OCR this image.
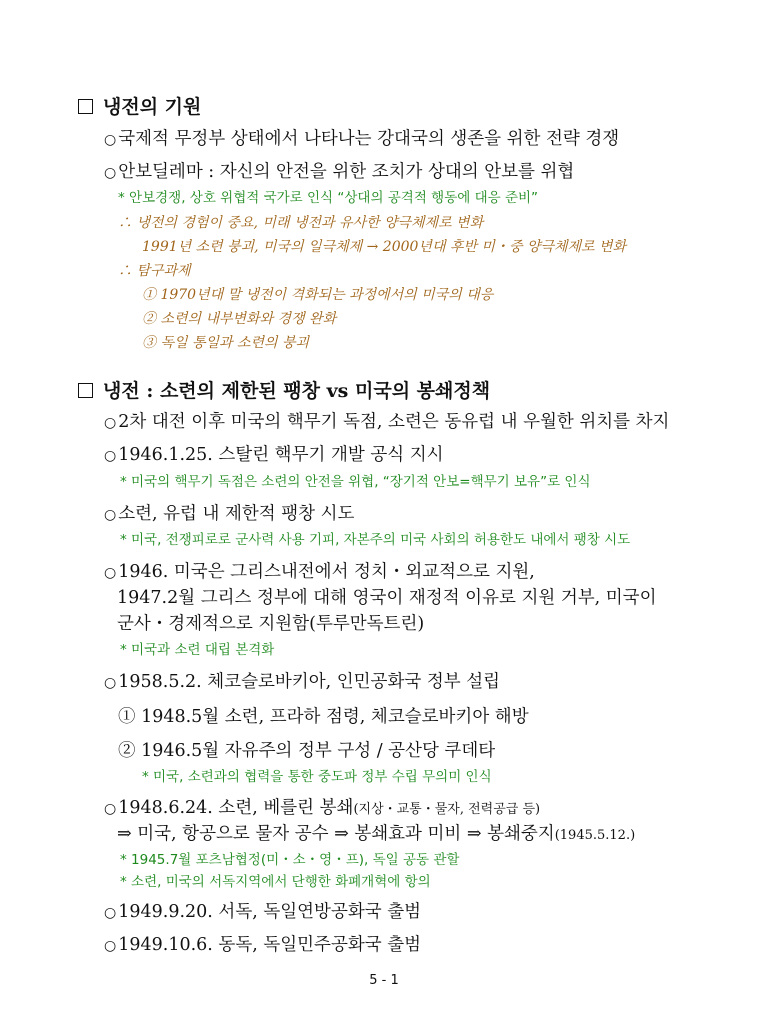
냉전의 기원
○ 국제적 무정부 상태에서 나타나는 강대국의 생존을 위한 전략 경쟁
○ 안보딜레마 : 자신의 안전을 위한 조치가 상대의 안보를 위협
* 안보경쟁, 상호 위협적 국가로 인식 “상대의 공격적 행동에 대응 준비”
∴ 냉전의 경험이 중요, 미래 냉전과 유사한 양극체제로 변화
1991년 소련 붕괴, 미국의 일극체제 → 2000년대 후반 미・중 양극체제로 변화
∴ 탐구과제
① 1970년대 말 냉전이 격화되는 과정에서의 미국의 대응
② 소련의 내부변화와 경쟁 완화
③ 독일 통일과 소련의 붕괴
냉전 : 소련의 제한된 팽창 vs 미국의 봉쇄정책
○ 2차 대전 이후 미국의 핵무기 독점, 소련은 동유럽 내 우월한 위치를 차지
○ 1946.1.25. 스탈린 핵무기 개발 공식 지시
* 미국의 핵무기 독점은 소련의 안전을 위협, “장기적 안보=핵무기 보유”로 인식
○ 소련, 유럽 내 제한적 팽창 시도
* 미국, 전쟁피로로 군사력 사용 기피, 자본주의 미국 사회의 허용한도 내에서 팽창 시도
○ 1946. 미국은 그리스내전에서 정치・외교적으로 지원,
1947.2월 그리스 정부에 대해 영국이 재정적 이유로 지원 거부, 미국이
군사・경제적으로 지원함(투루만독트린)
* 미국과 소련 대립 본격화
○ 1958.5.2. 체코슬로바키아, 인민공화국 정부 설립
① 1948.5월 소련, 프라하 점령, 체코슬로바키아 해방
② 1946.5월 자유주의 정부 구성 / 공산당 쿠데타
* 미국, 소련과의 협력을 통한 중도파 정부 수립 무의미 인식
○ 1948.6.24. 소련, 베를린 봉쇄(지상・교통・물자, 전력공급 등)
⇒ 미국, 항공으로 물자 공수 ⇒ 봉쇄효과 미비 ⇒ 봉쇄중지(1945.5.12.)
* 1945.7월 포츠남협정(미・소・영・프), 독일 공동 관할
* 소련, 미국의 서독지역에서 단행한 화폐개혁에 항의
○ 1949.9.20. 서독, 독일연방공화국 출범
○ 1949.10.6. 동독, 독일민주공화국 출범
5 - 1
